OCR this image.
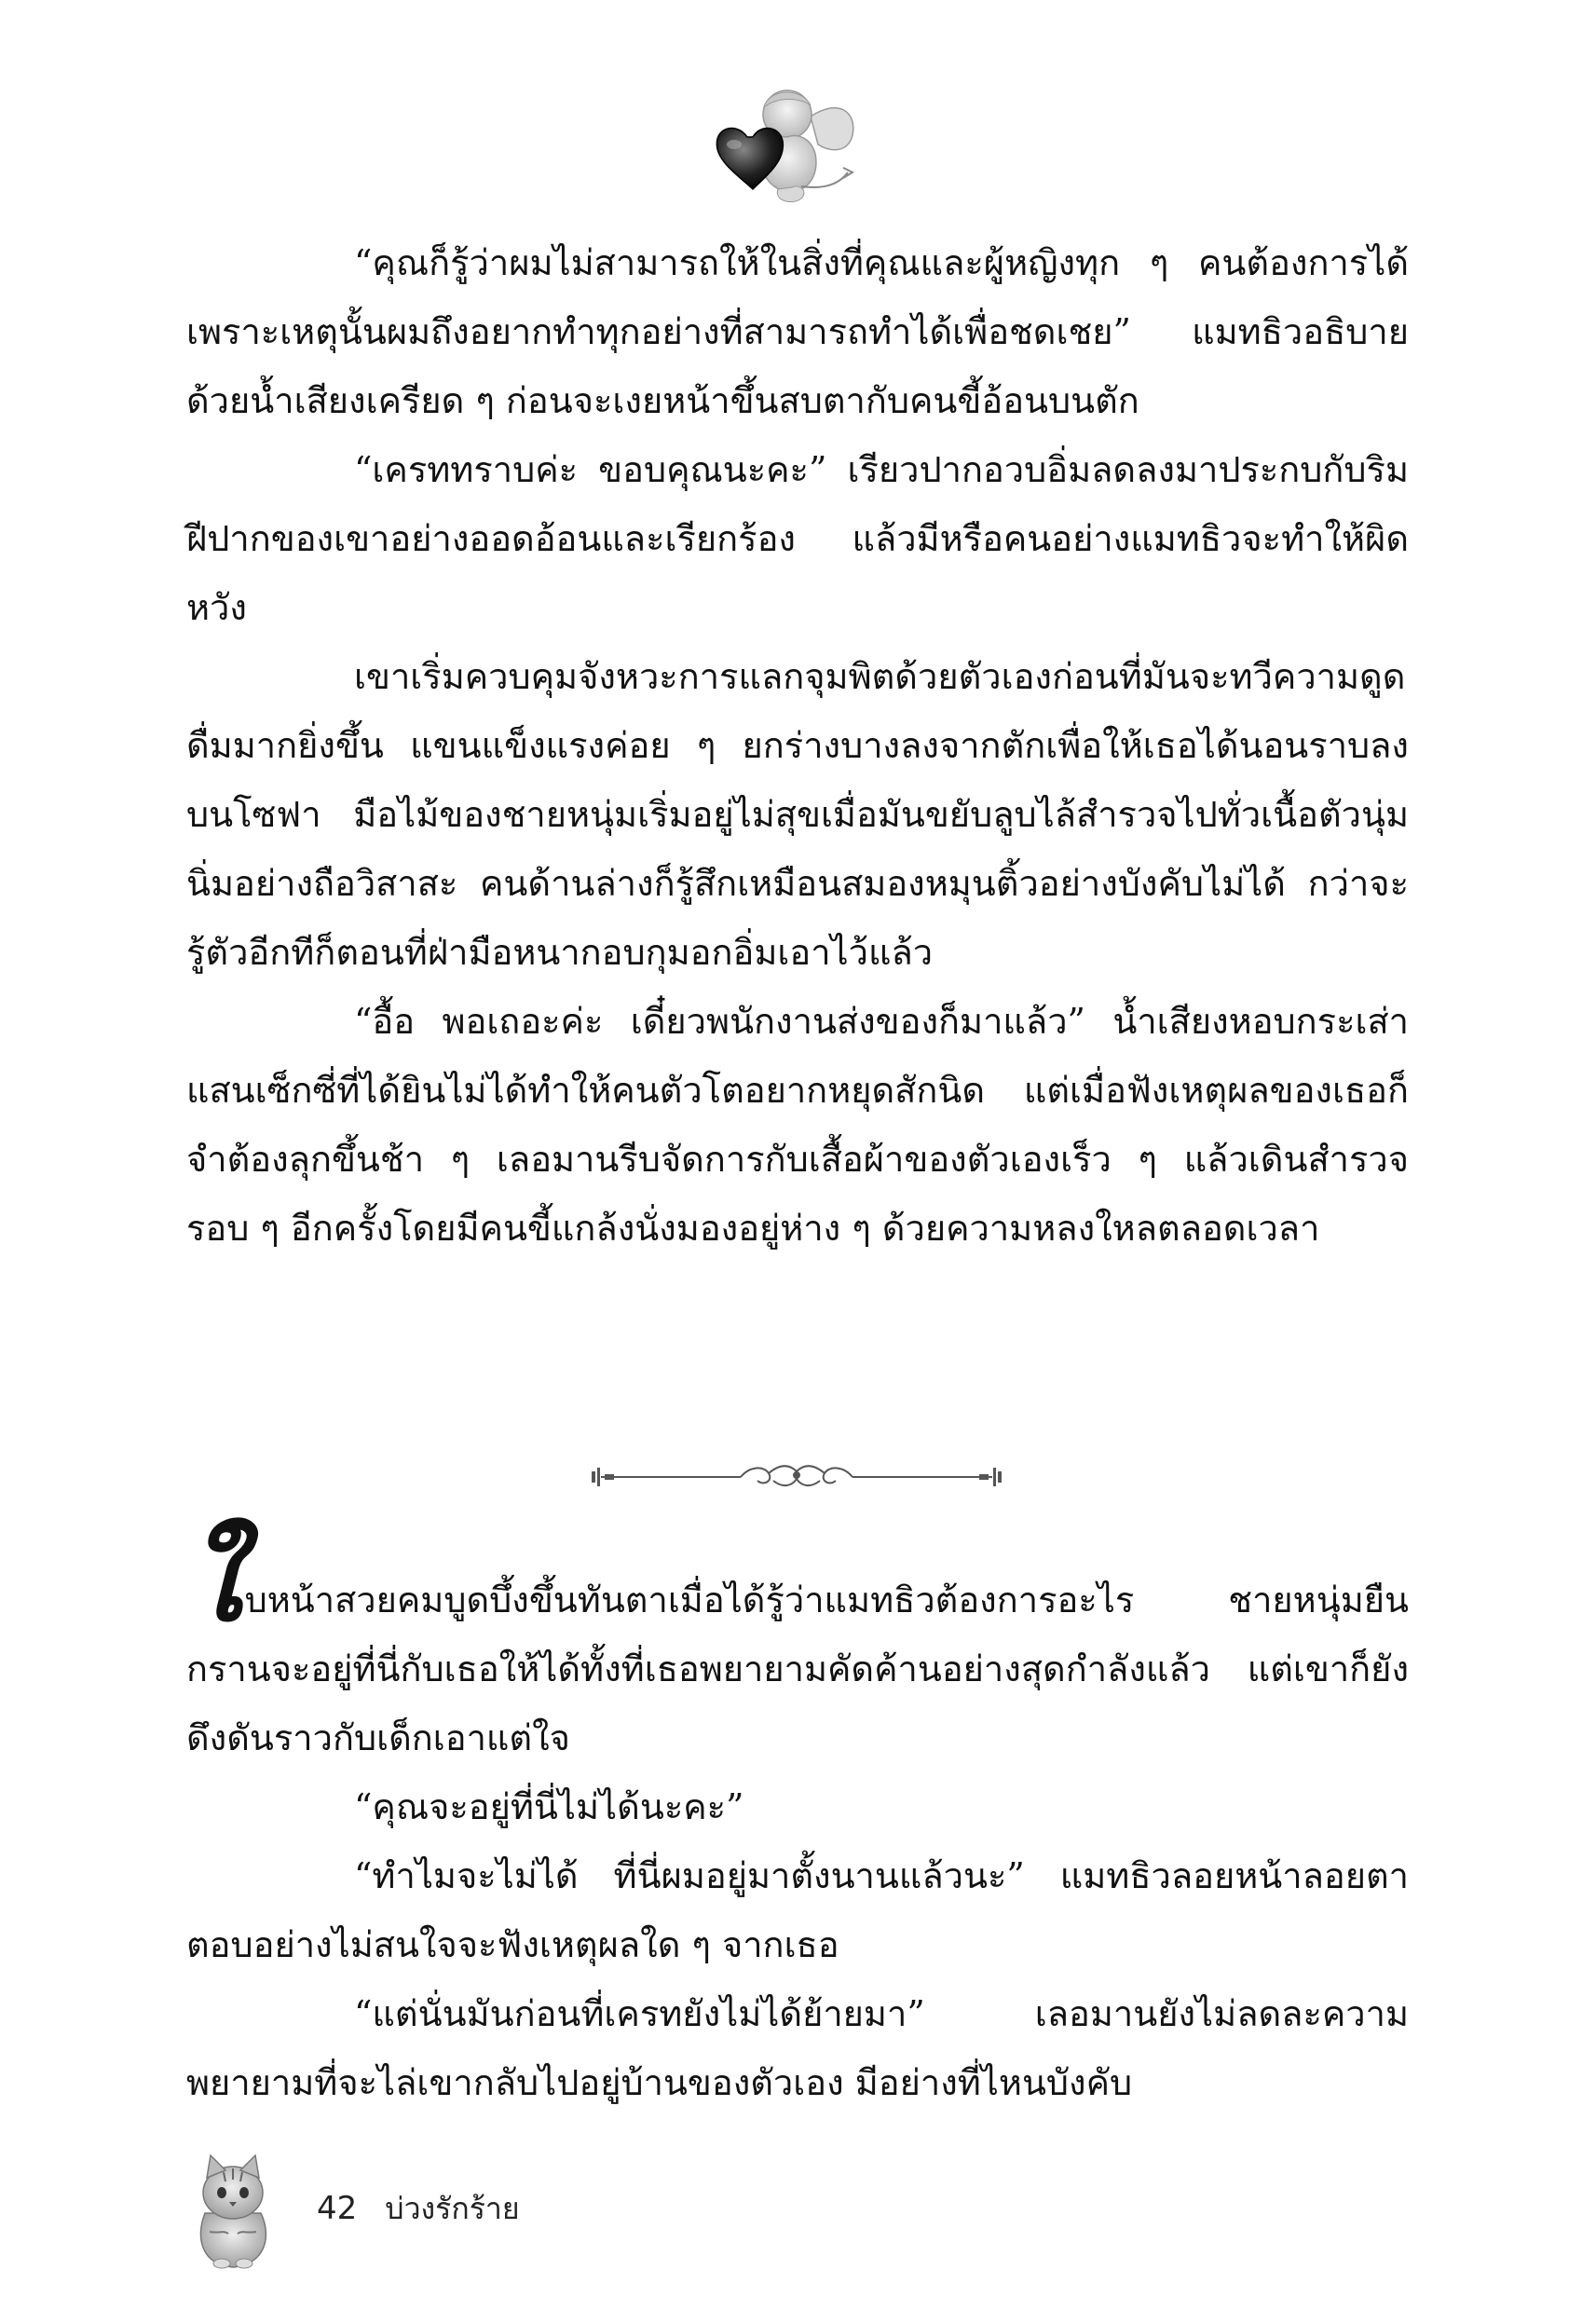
“คุณก็รู้ว่าผมไม่สามารถให้ในสิ่งที่คุณและผู้หญิงทุก ๆ คนต้องการได้ เพราะเหตุนั้นผมถึงอยากทำทุกอย่างที่สามารถทำได้เพื่อชดเชย” แมทธิวอธิบายด้วยน้ำเสียงเครียด ๆ ก่อนจะเงยหน้าขึ้นสบตากับคนขี้อ้อนบนตัก

“เครททราบค่ะ ขอบคุณนะคะ” เรียวปากอวบอิ่มลดลงมาประกบกับริมฝีปากของเขาอย่างออดอ้อนและเรียกร้อง แล้วมีหรือคนอย่างแมทธิวจะทำให้ผิดหวัง

เขาเริ่มควบคุมจังหวะการแลกจุมพิตด้วยตัวเองก่อนที่มันจะทวีความดูดดื่มมากยิ่งขึ้น แขนแข็งแรงค่อย ๆ ยกร่างบางลงจากตักเพื่อให้เธอได้นอนราบลงบนโซฟา มือไม้ของชายหนุ่มเริ่มอยู่ไม่สุขเมื่อมันขยับลูบไล้สำรวจไปทั่วเนื้อตัวนุ่มนิ่มอย่างถือวิสาสะ คนด้านล่างก็รู้สึกเหมือนสมองหมุนติ้วอย่างบังคับไม่ได้ กว่าจะรู้ตัวอีกทีก็ตอนที่ฝ่ามือหนากอบกุมอกอิ่มเอาไว้แล้ว

“อื้อ พอเถอะค่ะ เดี๋ยวพนักงานส่งของก็มาแล้ว” น้ำเสียงหอบกระเส่าแสนเซ็กซี่ที่ได้ยินไม่ได้ทำให้คนตัวโตอยากหยุดสักนิด แต่เมื่อฟังเหตุผลของเธอก็จำต้องลุกขึ้นช้า ๆ เลอมานรีบจัดการกับเสื้อผ้าของตัวเองเร็ว ๆ แล้วเดินสำรวจรอบ ๆ อีกครั้งโดยมีคนขี้แกล้งนั่งมองอยู่ห่าง ๆ ด้วยความหลงใหลตลอดเวลา

ใบหน้าสวยคมบูดบึ้งขึ้นทันตาเมื่อได้รู้ว่าแมทธิวต้องการอะไร ชายหนุ่มยืนกรานจะอยู่ที่นี่กับเธอให้ได้ทั้งที่เธอพยายามคัดค้านอย่างสุดกำลังแล้ว แต่เขาก็ยังดึงดันราวกับเด็กเอาแต่ใจ

“คุณจะอยู่ที่นี่ไม่ได้นะคะ”

“ทำไมจะไม่ได้ ที่นี่ผมอยู่มาตั้งนานแล้วนะ” แมทธิวลอยหน้าลอยตาตอบอย่างไม่สนใจจะฟังเหตุผลใด ๆ จากเธอ

“แต่นั่นมันก่อนที่เครทยังไม่ได้ย้ายมา” เลอมานยังไม่ลดละความพยายามที่จะไล่เขากลับไปอยู่บ้านของตัวเอง มีอย่างที่ไหนบังคับ

42 บ่วงรักร้าย
